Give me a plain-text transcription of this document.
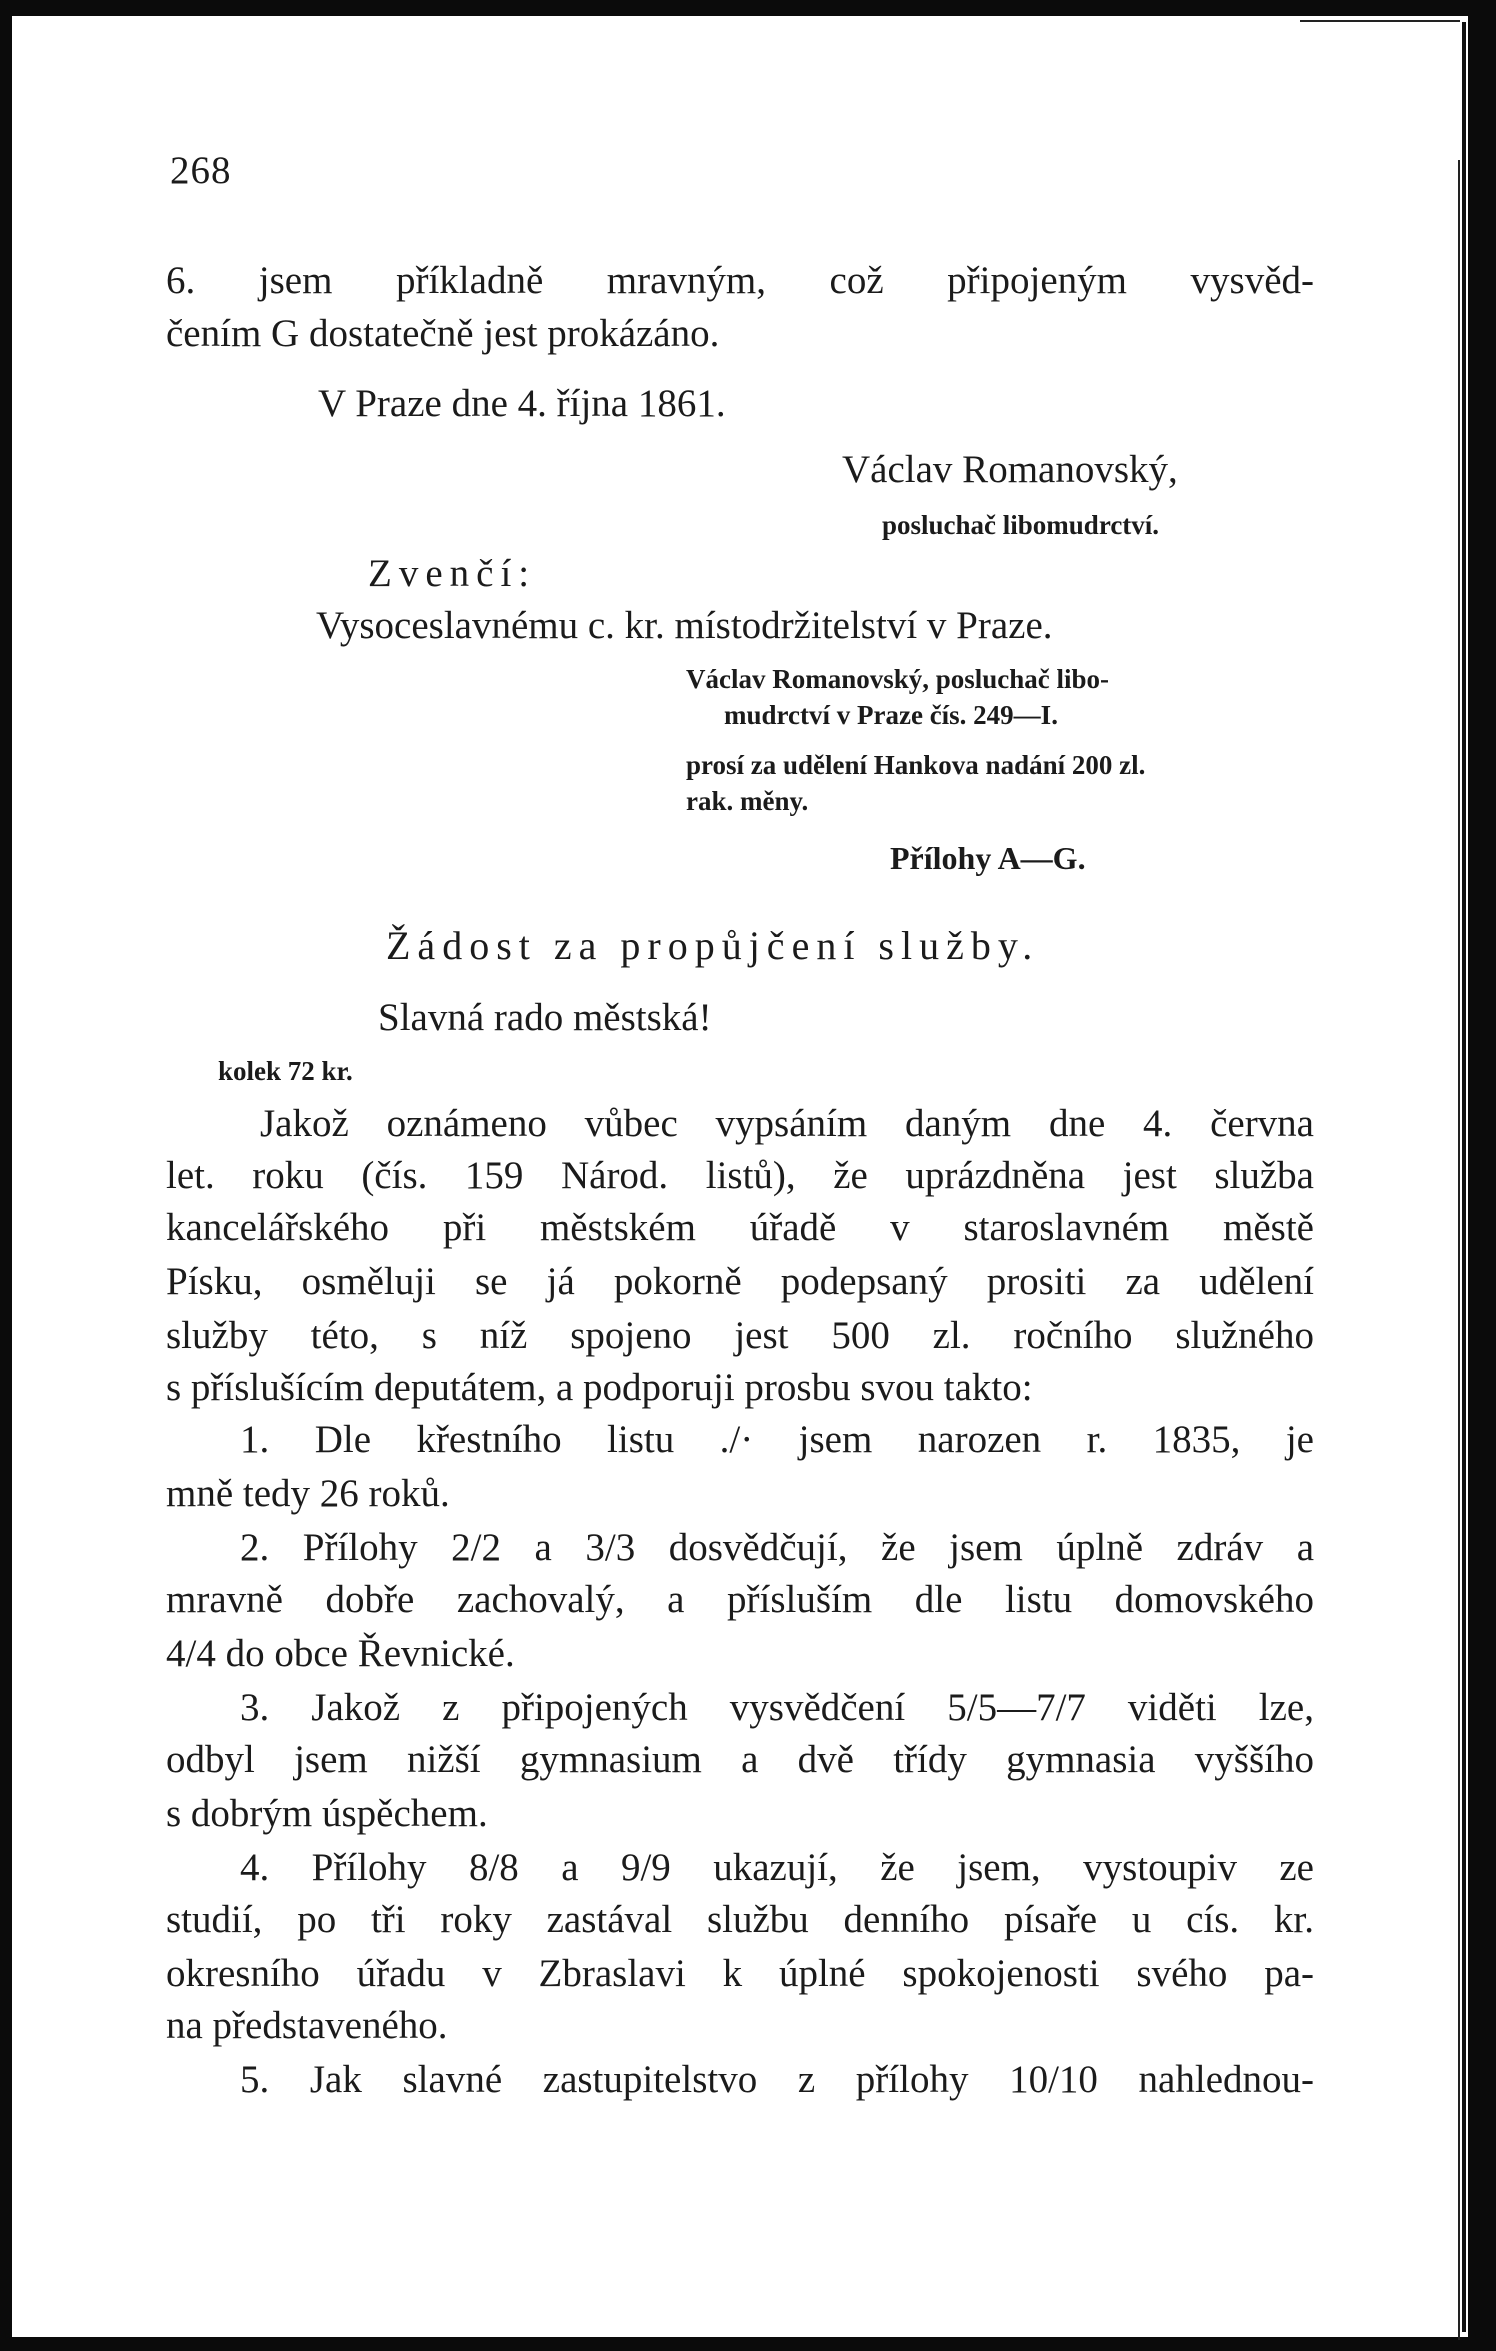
268
6. jsem příkladně mravným, což připojeným vysvěd-
čením G dostatečně jest prokázáno.
V Praze dne 4. října 1861.
Václav Romanovský,
posluchač libomudrctví.
Zvenčí:
Vysoceslavnému c. kr. místodržitelství v Praze.
Václav Romanovský, posluchač libo-
mudrctví v Praze čís. 249—I.
prosí za udělení Hankova nadání 200 zl.
rak. měny.
Přílohy A—G.
Žádost za propůjčení služby.
Slavná rado městská!
kolek 72 kr.
Jakož oznámeno vůbec vypsáním daným dne 4. června
let. roku (čís. 159 Národ. listů), že uprázdněna jest služba
kancelářského při městském úřadě v staroslavném městě
Písku, osměluji se já pokorně podepsaný prositi za udělení
služby této, s níž spojeno jest 500 zl. ročního služného
s příslušícím deputátem, a podporuji prosbu svou takto:
1. Dle křestního listu ./· jsem narozen r. 1835, je
mně tedy 26 roků.
2. Přílohy 2/2 a 3/3 dosvědčují, že jsem úplně zdráv a
mravně dobře zachovalý, a přísluším dle listu domovského
4/4 do obce Řevnické.
3. Jakož z připojených vysvědčení 5/5—7/7 viděti lze,
odbyl jsem nižší gymnasium a dvě třídy gymnasia vyššího
s dobrým úspěchem.
4. Přílohy 8/8 a 9/9 ukazují, že jsem, vystoupiv ze
studií, po tři roky zastával službu denního písaře u cís. kr.
okresního úřadu v Zbraslavi k úplné spokojenosti svého pa-
na představeného.
5. Jak slavné zastupitelstvo z přílohy 10/10 nahlednou-
